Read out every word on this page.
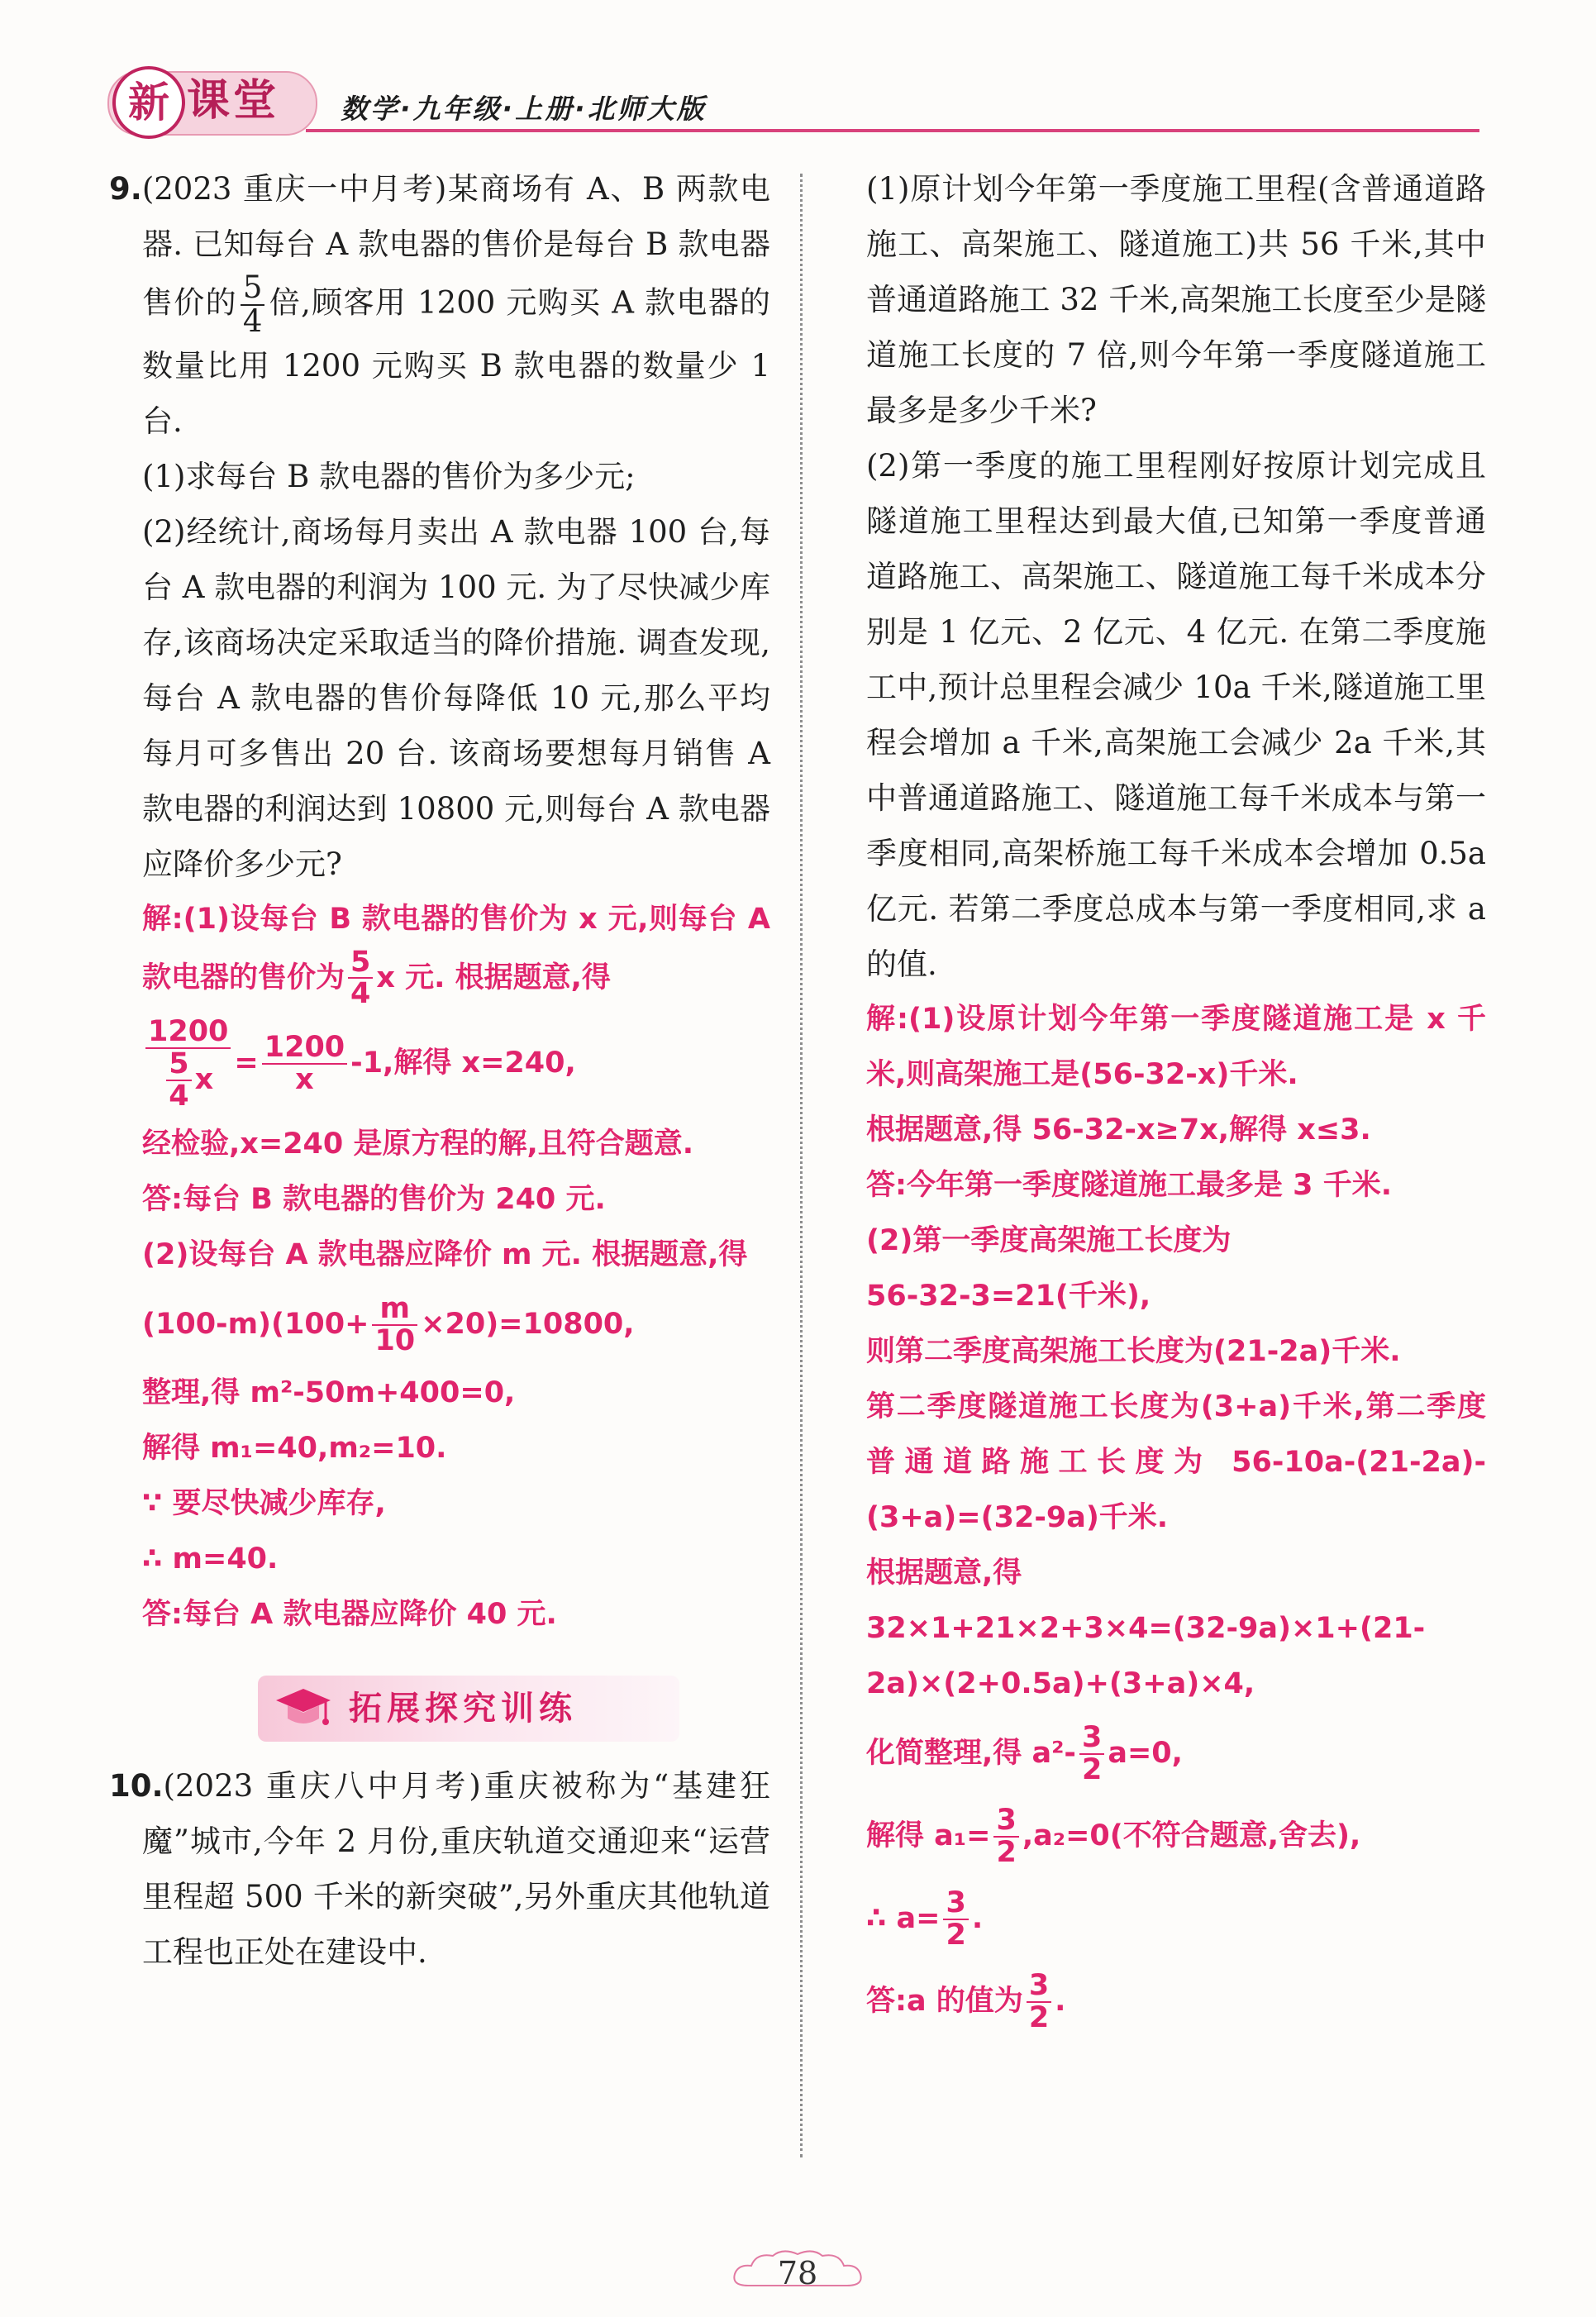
新 课堂 数学·九年级·上册·北师大版

9.(2023 重庆一中月考)某商场有 A、B 两款电器. 已知每台 A 款电器的售价是每台 B 款电器售价的 $\frac{5}{4}$ 倍,顾客用 1200 元购买 A 款电器的数量比用 1200 元购买 B 款电器的数量少 1 台.

(1)求每台 B 款电器的售价为多少元;

(2)经统计,商场每月卖出 A 款电器 100 台,每台 A 款电器的利润为 100 元. 为了尽快减少库存,该商场决定采取适当的降价措施. 调查发现,每台 A 款电器的售价每降低 10 元,那么平均每月可多售出 20 台. 该商场要想每月销售 A 款电器的利润达到 10800 元,则每台 A 款电器应降价多少元?

解:(1)设每台 B 款电器的售价为 x 元,则每台 A 款电器的售价为 $\frac{5}{4}$ x 元. 根据题意,得

$\frac{1200}{\frac{5}{4} x} = \frac{1200}{x} -1$,解得 x=240,

经检验,x=240 是原方程的解,且符合题意.

答:每台 B 款电器的售价为 240 元.

(2)设每台 A 款电器应降价 m 元. 根据题意,得

$(100-m)(100+ \frac{m}{10} \times 20)=10800$,

整理,得 m²-50m+400=0,

解得 m₁=40,m₂=10.

∵ 要尽快减少库存,

∴ m=40.

答:每台 A 款电器应降价 40 元.

拓展探究训练

10.(2023 重庆八中月考)重庆被称为“基建狂魔”城市,今年 2 月份,重庆轨道交通迎来“运营里程超 500 千米的新突破”,另外重庆其他轨道工程也正处在建设中.

(1)原计划今年第一季度施工里程(含普通道路施工、高架施工、隧道施工)共 56 千米,其中普通道路施工 32 千米,高架施工长度至少是隧道施工长度的 7 倍,则今年第一季度隧道施工最多是多少千米?

(2)第一季度的施工里程刚好按原计划完成且隧道施工里程达到最大值,已知第一季度普通道路施工、高架施工、隧道施工每千米成本分别是 1 亿元、2 亿元、4 亿元. 在第二季度施工中,预计总里程会减少 10a 千米,隧道施工里程会增加 a 千米,高架施工会减少 2a 千米,其中普通道路施工、隧道施工每千米成本与第一季度相同,高架桥施工每千米成本会增加 0.5a 亿元. 若第二季度总成本与第一季度相同,求 a 的值.

解:(1)设原计划今年第一季度隧道施工是 x 千米,则高架施工是(56-32-x)千米.

根据题意,得 56-32-x≥7x,解得 x≤3.

答:今年第一季度隧道施工最多是 3 千米.

(2)第一季度高架施工长度为

56-32-3=21(千米),

则第二季度高架施工长度为(21-2a)千米.

第二季度隧道施工长度为(3+a)千米,第二季度普通道路施工长度为 56-10a-(21-2a)-(3+a)=(32-9a)千米.

根据题意,得

32×1+21×2+3×4=(32-9a)×1+(21-2a)×(2+0.5a)+(3+a)×4,

化简整理,得 $a^2- \frac{3}{2} a=0$,

解得 $a_1= \frac{3}{2} ,a_2=0$(不符合题意,舍去),

∴ $a= \frac{3}{2}$ .

答:a 的值为 $\frac{3}{2}$ .

78
